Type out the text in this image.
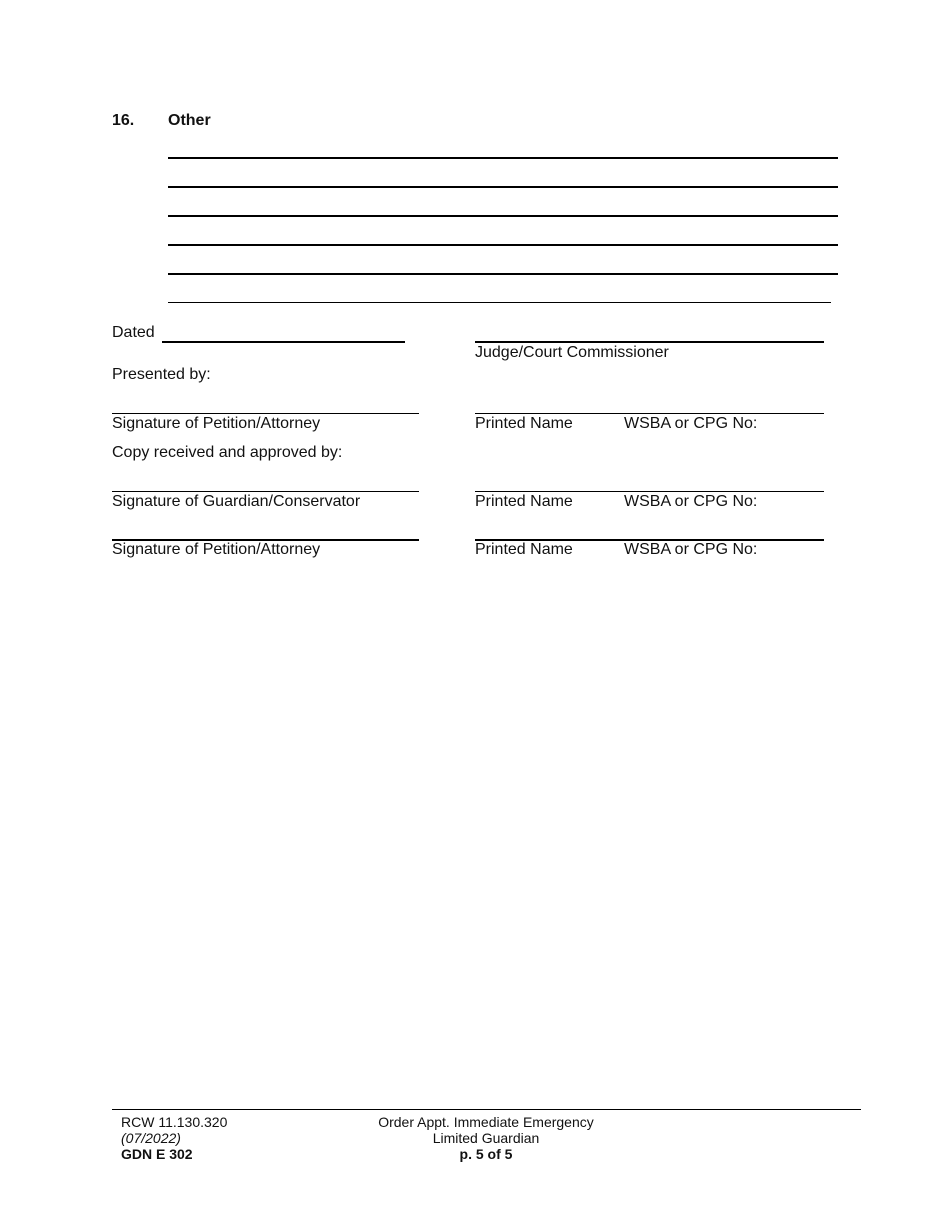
16. Other
Dated
Judge/Court Commissioner
Presented by:
Signature of Petition/Attorney	Printed Name	WSBA or CPG No:
Copy received and approved by:
Signature of Guardian/Conservator	Printed Name	WSBA or CPG No:
Signature of Petition/Attorney	Printed Name	WSBA or CPG No:
RCW 11.130.320
(07/2022)
GDN E 302
Order Appt. Immediate Emergency
Limited Guardian
p. 5 of 5
